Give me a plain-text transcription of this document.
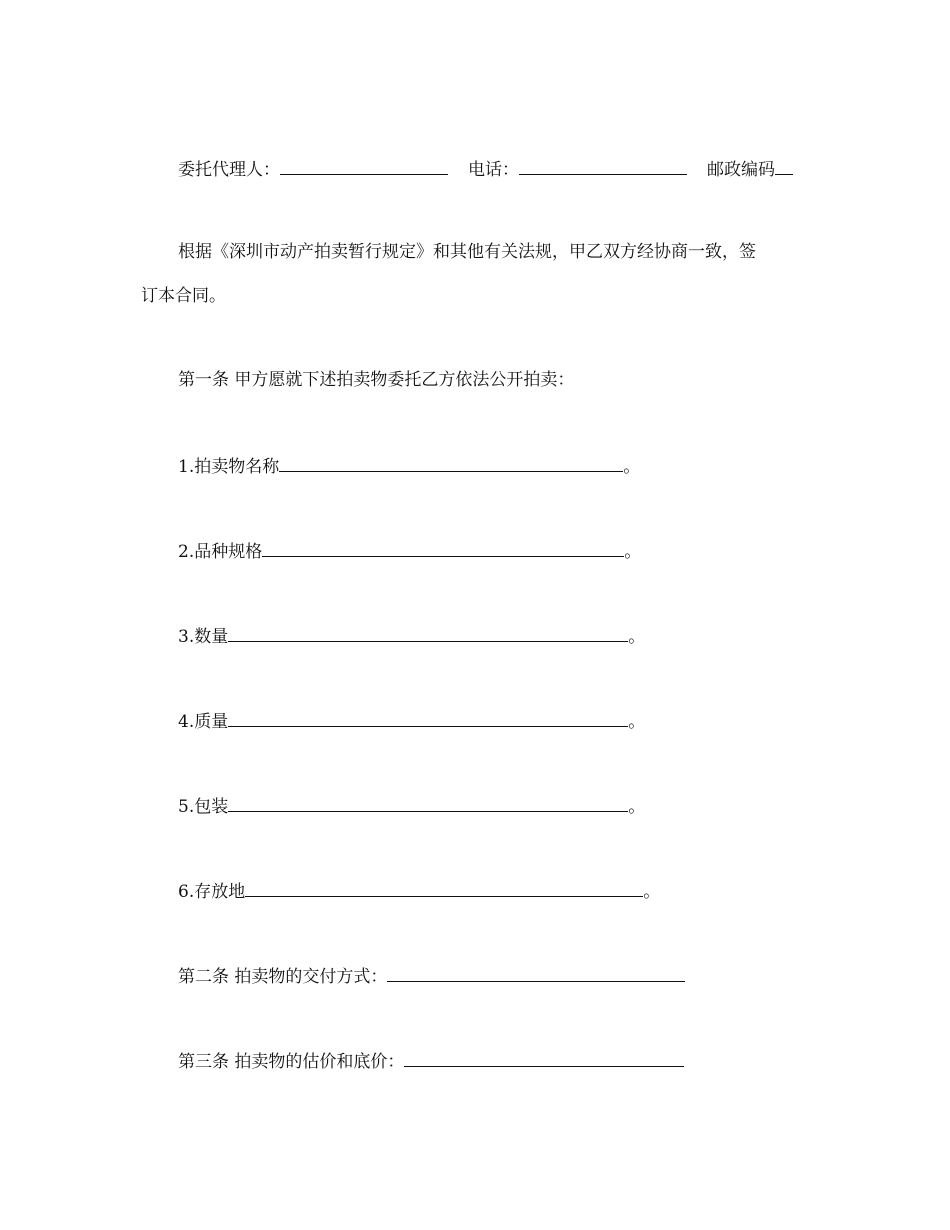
委托代理人：	电话：	邮政编码
根据《深圳市动产拍卖暂行规定》和其他有关法规，甲乙双方经协商一致，签
订本合同。
第一条 甲方愿就下述拍卖物委托乙方依法公开拍卖：
1.拍卖物名称	。
2.品种规格	。
3.数量	。
4.质量	。
5.包装	。
6.存放地	。
第二条 拍卖物的交付方式：
第三条 拍卖物的估价和底价：
